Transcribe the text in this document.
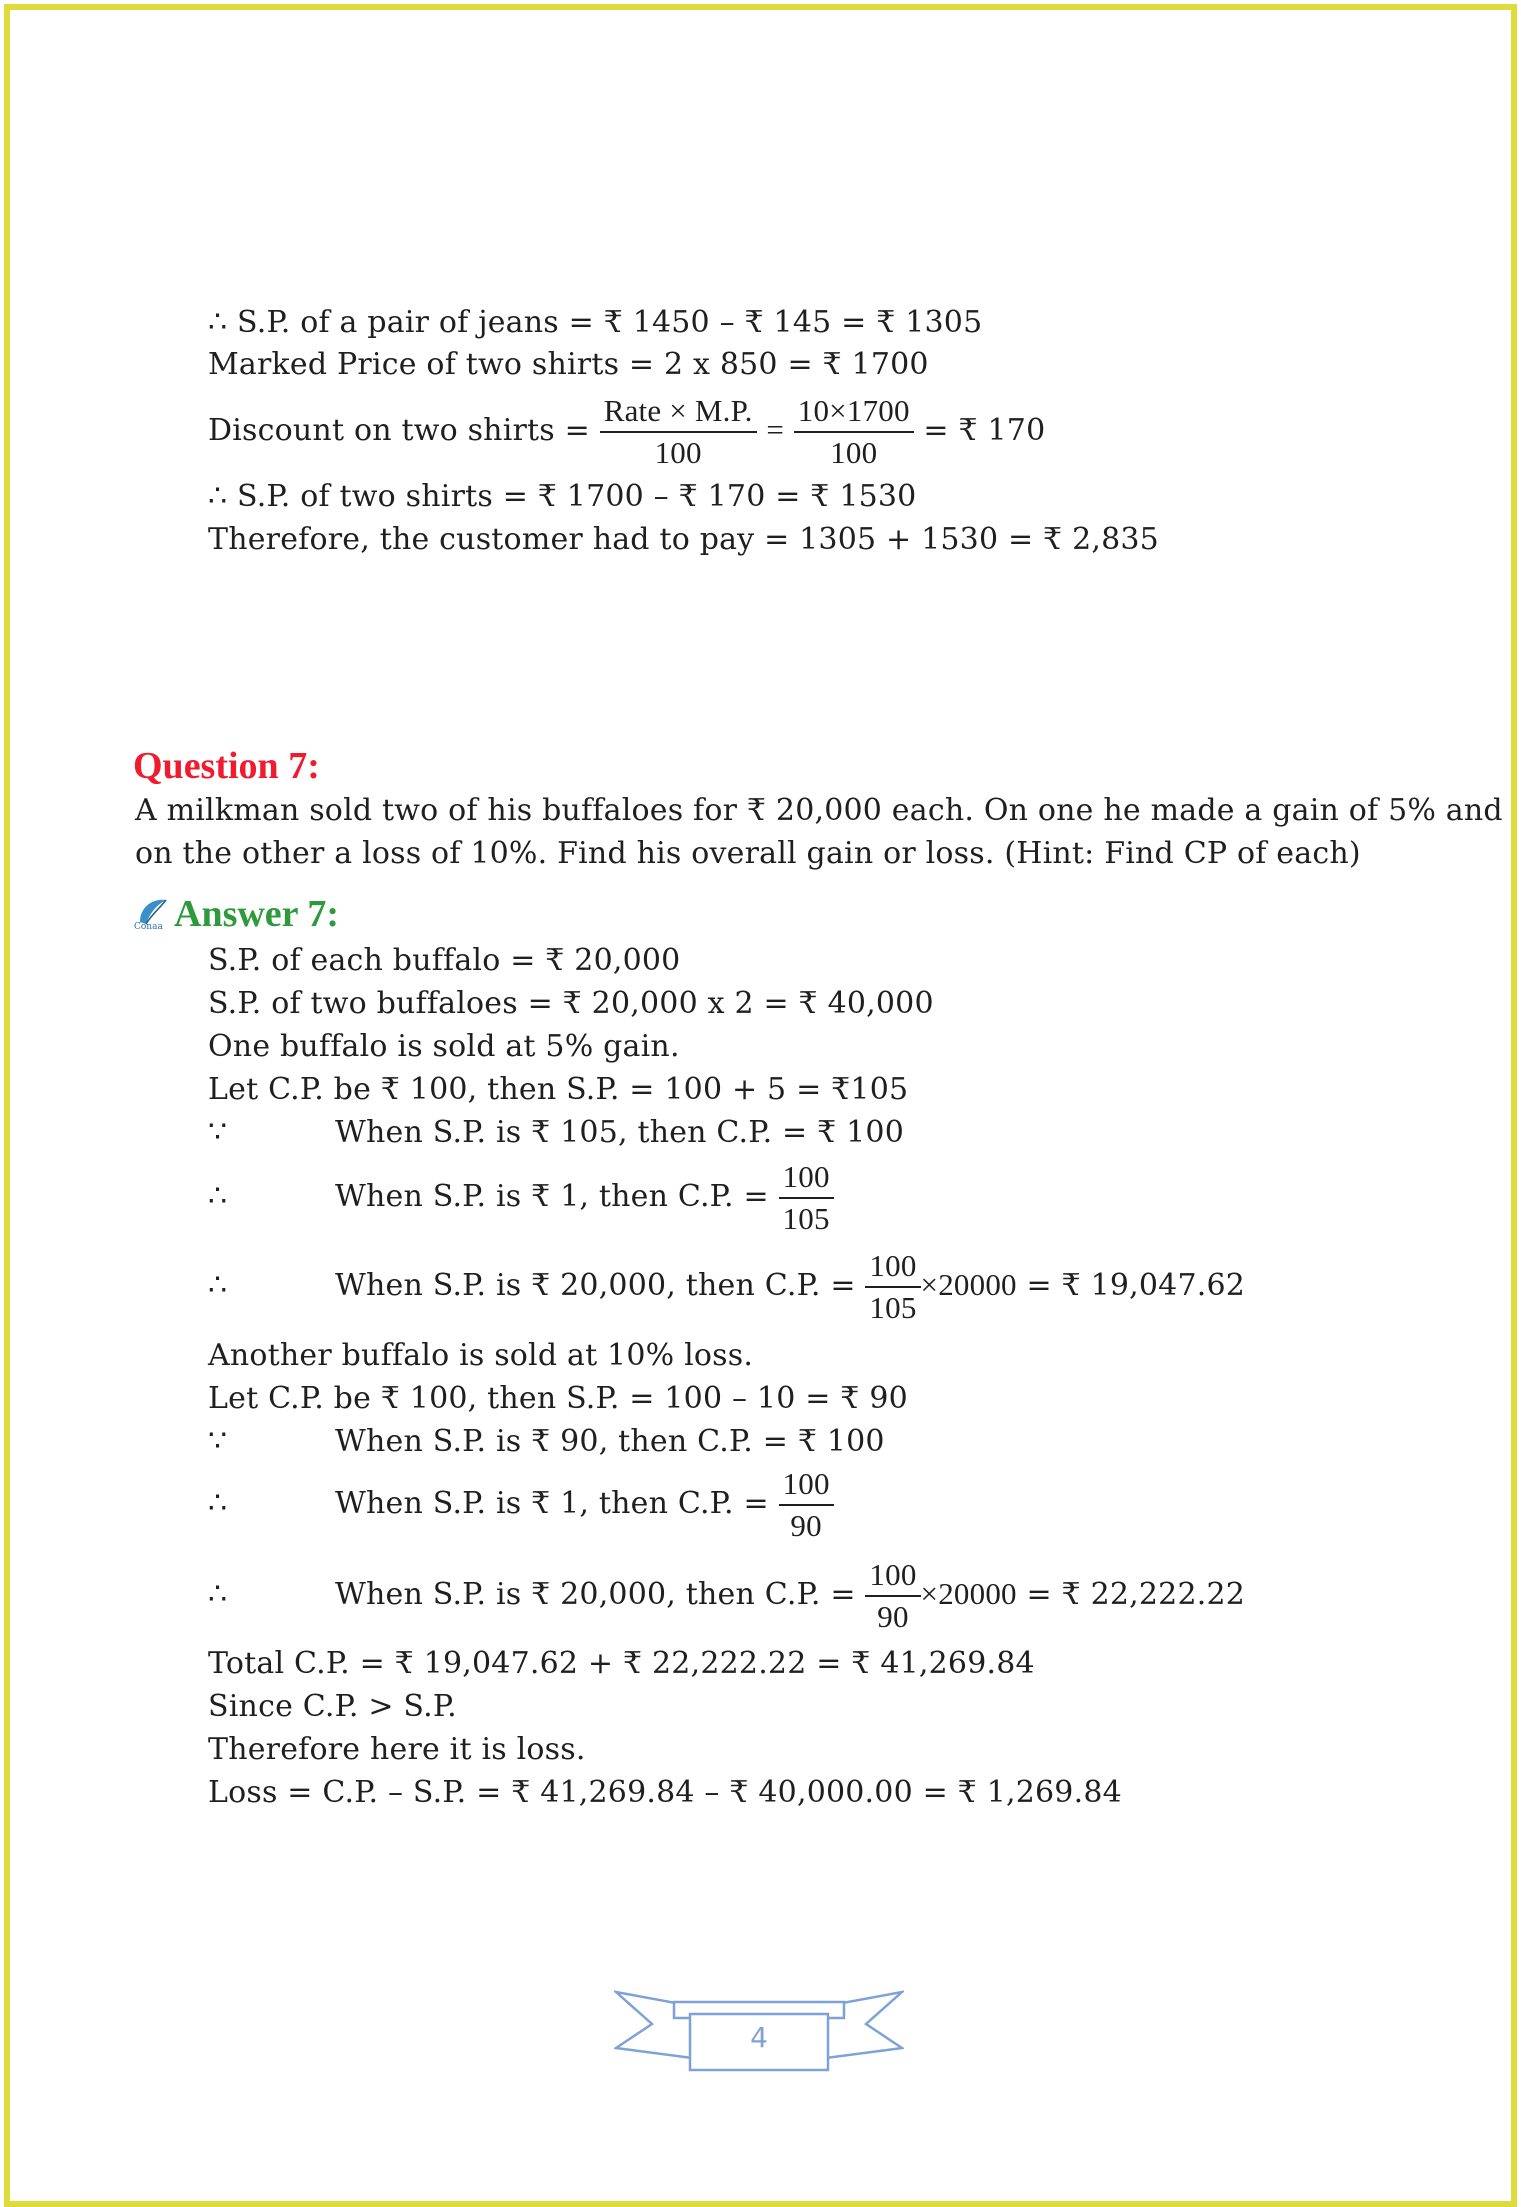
∴ S.P. of a pair of jeans = ₹ 1450 – ₹ 145 = ₹ 1305
Marked Price of two shirts = 2 x 850 = ₹ 1700
Discount on two shirts = $\frac{\text{Rate × M.P.}}{100} = \frac{10\times 1700}{100}$ = ₹ 170
∴ S.P. of two shirts = ₹ 1700 – ₹ 170 = ₹ 1530
Therefore, the customer had to pay = 1305 + 1530 = ₹ 2,835
Question 7:
A milkman sold two of his buffaloes for ₹ 20,000 each. On one he made a gain of 5% and
on the other a loss of 10%. Find his overall gain or loss. (Hint: Find CP of each)
Conaa Answer 7:
S.P. of each buffalo = ₹ 20,000
S.P. of two buffaloes = ₹ 20,000 x 2 = ₹ 40,000
One buffalo is sold at 5% gain.
Let C.P. be ₹ 100, then S.P. = 100 + 5 = ₹105
∵	When S.P. is ₹ 105, then C.P. = ₹ 100
∴	When S.P. is ₹ 1, then C.P. = $\frac{100}{105}$
∴	When S.P. is ₹ 20,000, then C.P. = $\frac{100}{105} \times 20000$ = ₹ 19,047.62
Another buffalo is sold at 10% loss.
Let C.P. be ₹ 100, then S.P. = 100 – 10 = ₹ 90
∵	When S.P. is ₹ 90, then C.P. = ₹ 100
∴	When S.P. is ₹ 1, then C.P. = $\frac{100}{90}$
∴	When S.P. is ₹ 20,000, then C.P. = $\frac{100}{90} \times 20000$ = ₹ 22,222.22
Total C.P. = ₹ 19,047.62 + ₹ 22,222.22 = ₹ 41,269.84
Since C.P. > S.P.
Therefore here it is loss.
Loss = C.P. – S.P. = ₹ 41,269.84 – ₹ 40,000.00 = ₹ 1,269.84
4
